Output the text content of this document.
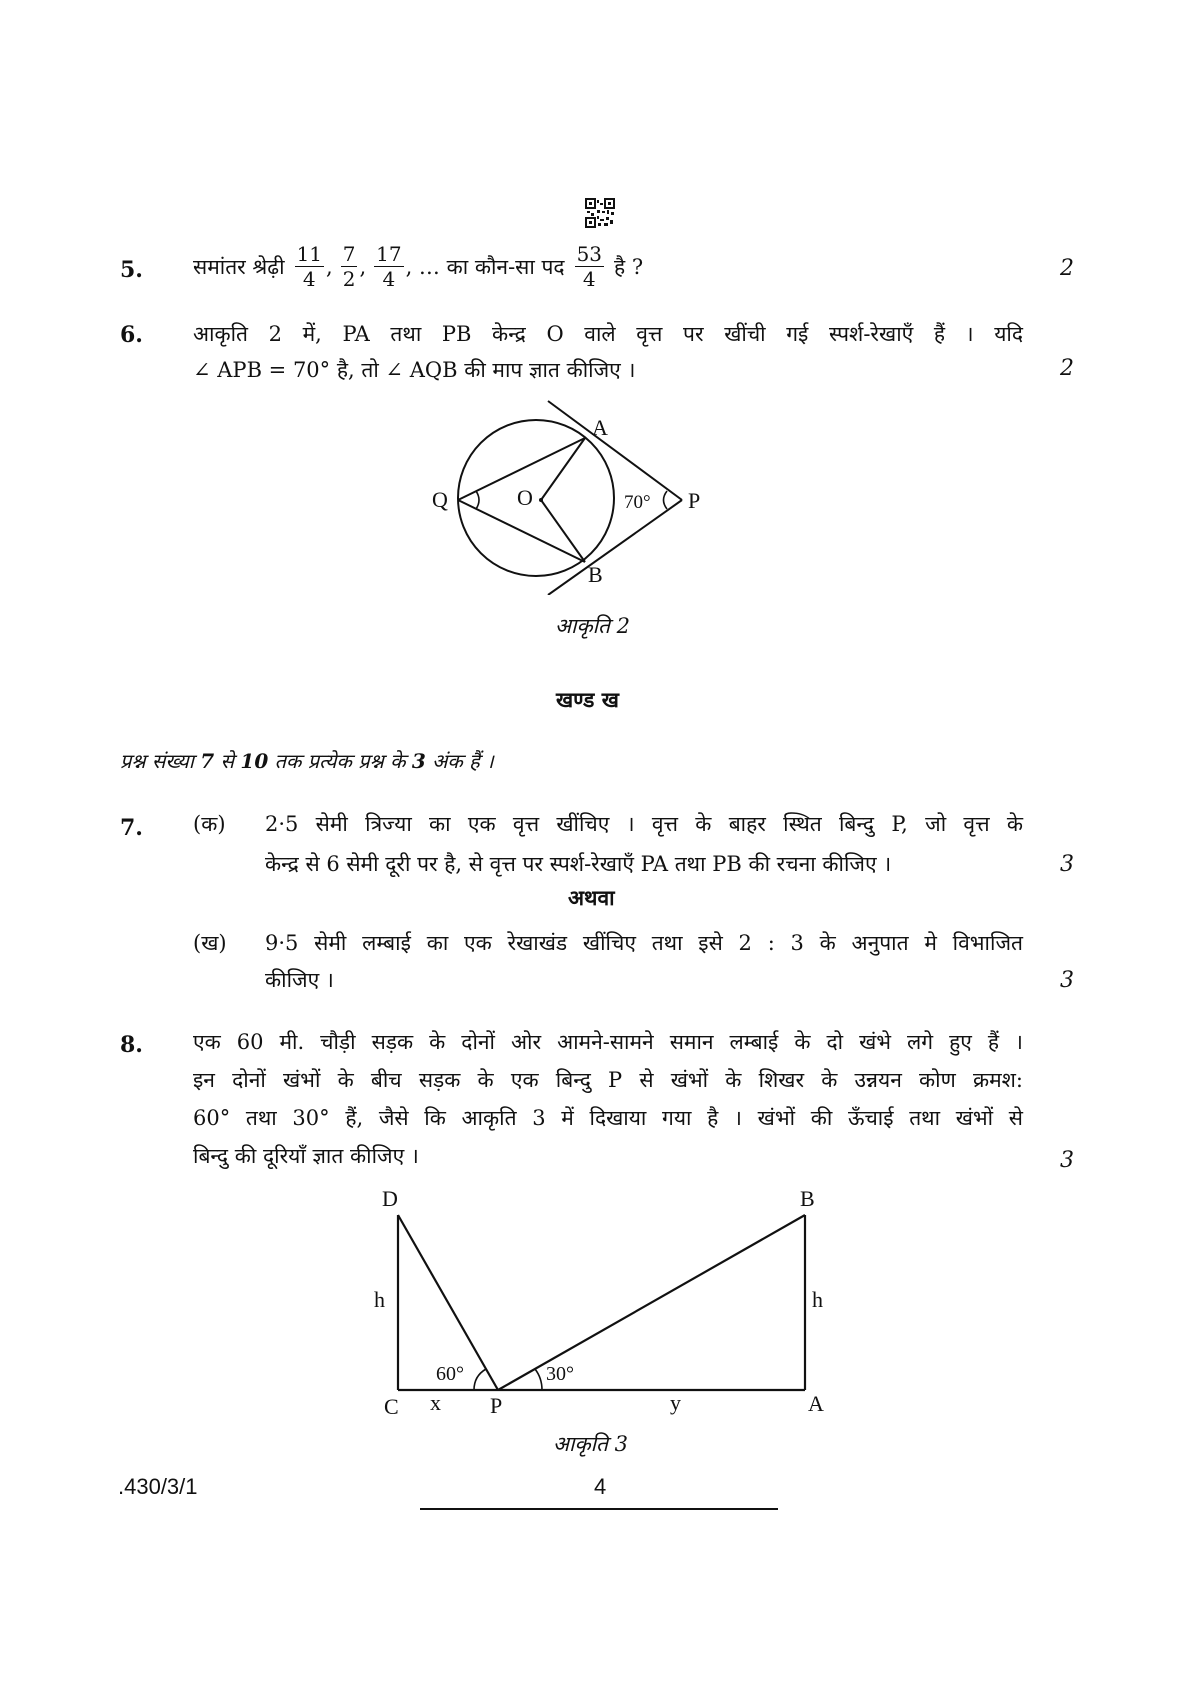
5. समांतर श्रेढ़ी $\frac{11}{4}$ , $\frac{7}{2}$ , $\frac{17}{4}$ , … का कौन-सा पद $\frac{53}{4}$ है ?	2
6. आकृति 2 में, PA तथा PB केन्द्र O वाले वृत्त पर खींची गई स्पर्श-रेखाएँ हैं । यदि
∠ APB = 70° है, तो ∠ AQB की माप ज्ञात कीजिए ।	2
A
B
Q	O	P
70°
आकृति 2
खण्ड ख
प्रश्न संख्या 7 से 10 तक प्रत्येक प्रश्न के 3 अंक हैं ।
7. (क) 2·5 सेमी त्रिज्या का एक वृत्त खींचिए । वृत्त के बाहर स्थित बिन्दु P, जो वृत्त के
केन्द्र से 6 सेमी दूरी पर है, से वृत्त पर स्पर्श-रेखाएँ PA तथा PB की रचना कीजिए ।	3
अथवा
(ख) 9·5 सेमी लम्बाई का एक रेखाखंड खींचिए तथा इसे 2 : 3 के अनुपात मे विभाजित
कीजिए ।	3
8. एक 60 मी. चौड़ी सड़क के दोनों ओर आमने-सामने समान लम्बाई के दो खंभे लगे हुए हैं ।
इन दोनों खंभों के बीच सड़क के एक बिन्दु P से खंभों के शिखर के उन्नयन कोण क्रमश:
60° तथा 30° हैं, जैसे कि आकृति 3 में दिखाया गया है । खंभों की ऊँचाई तथा खंभों से
बिन्दु की दूरियाँ ज्ञात कीजिए ।	3
D	B
h	h
60°	30°
C x P	y	A
आकृति 3
.430/3/1	4
